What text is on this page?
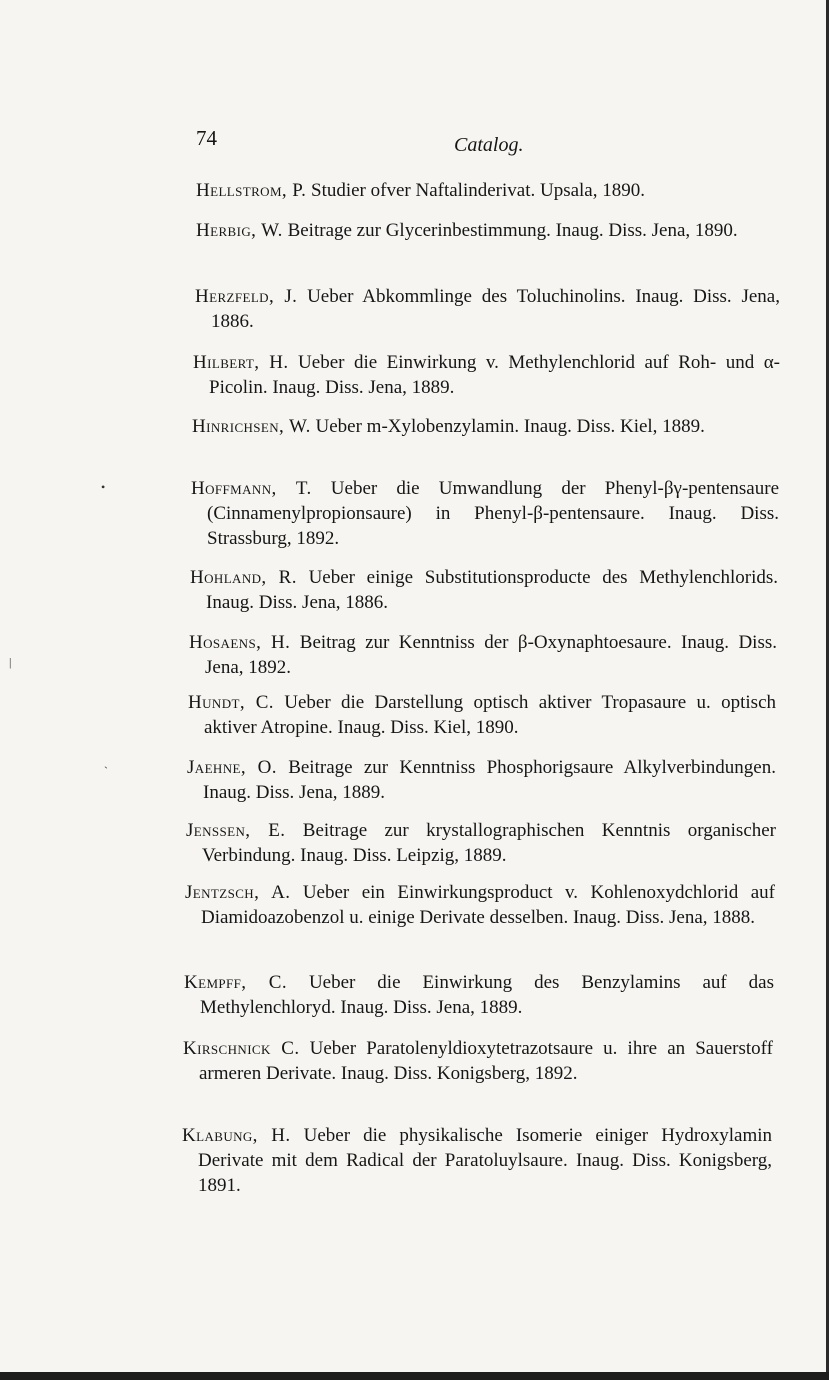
74	Catalog.
Hellstrom, P. Studier ofver Naftalinderivat. Upsala, 1890.
Herbig, W. Beitrage zur Glycerinbestimmung. Inaug. Diss. Jena, 1890.
Herzfeld, J. Ueber Abkommlinge des Toluchinolins. Inaug. Diss. Jena, 1886.
Hilbert, H. Ueber die Einwirkung v. Methylenchlorid auf Roh- und α-Picolin. Inaug. Diss. Jena, 1889.
Hinrichsen, W. Ueber m-Xylobenzylamin. Inaug. Diss. Kiel, 1889.
Hoffmann, T. Ueber die Umwandlung der Phenyl-βγ-pentensaure (Cinnamenylpropionsaure) in Phenyl-β-pentensaure. Inaug. Diss. Strassburg, 1892.
Hohland, R. Ueber einige Substitutionsproducte des Methylenchlorids. Inaug. Diss. Jena, 1886.
Hosaens, H. Beitrag zur Kenntniss der β-Oxynaphtoesaure. Inaug. Diss. Jena, 1892.
Hundt, C. Ueber die Darstellung optisch aktiver Tropasaure u. optisch aktiver Atropine. Inaug. Diss. Kiel, 1890.
Jaehne, O. Beitrage zur Kenntniss Phosphorigsaure Alkylverbindungen. Inaug. Diss. Jena, 1889.
Jenssen, E. Beitrage zur krystallographischen Kenntnis organischer Verbindung. Inaug. Diss. Leipzig, 1889.
Jentzsch, A. Ueber ein Einwirkungsproduct v. Kohlenoxydchlorid auf Diamidoazobenzol u. einige Derivate desselben. Inaug. Diss. Jena, 1888.
Kempff, C. Ueber die Einwirkung des Benzylamins auf das Methylenchloryd. Inaug. Diss. Jena, 1889.
Kirschnick C. Ueber Paratolenyldioxytetrazotsaure u. ihre an Sauerstoff armeren Derivate. Inaug. Diss. Konigsberg, 1892.
Klabung, H. Ueber die physikalische Isomerie einiger Hydroxylamin Derivate mit dem Radical der Paratoluylsaure. Inaug. Diss. Konigsberg, 1891.
•
|
`
